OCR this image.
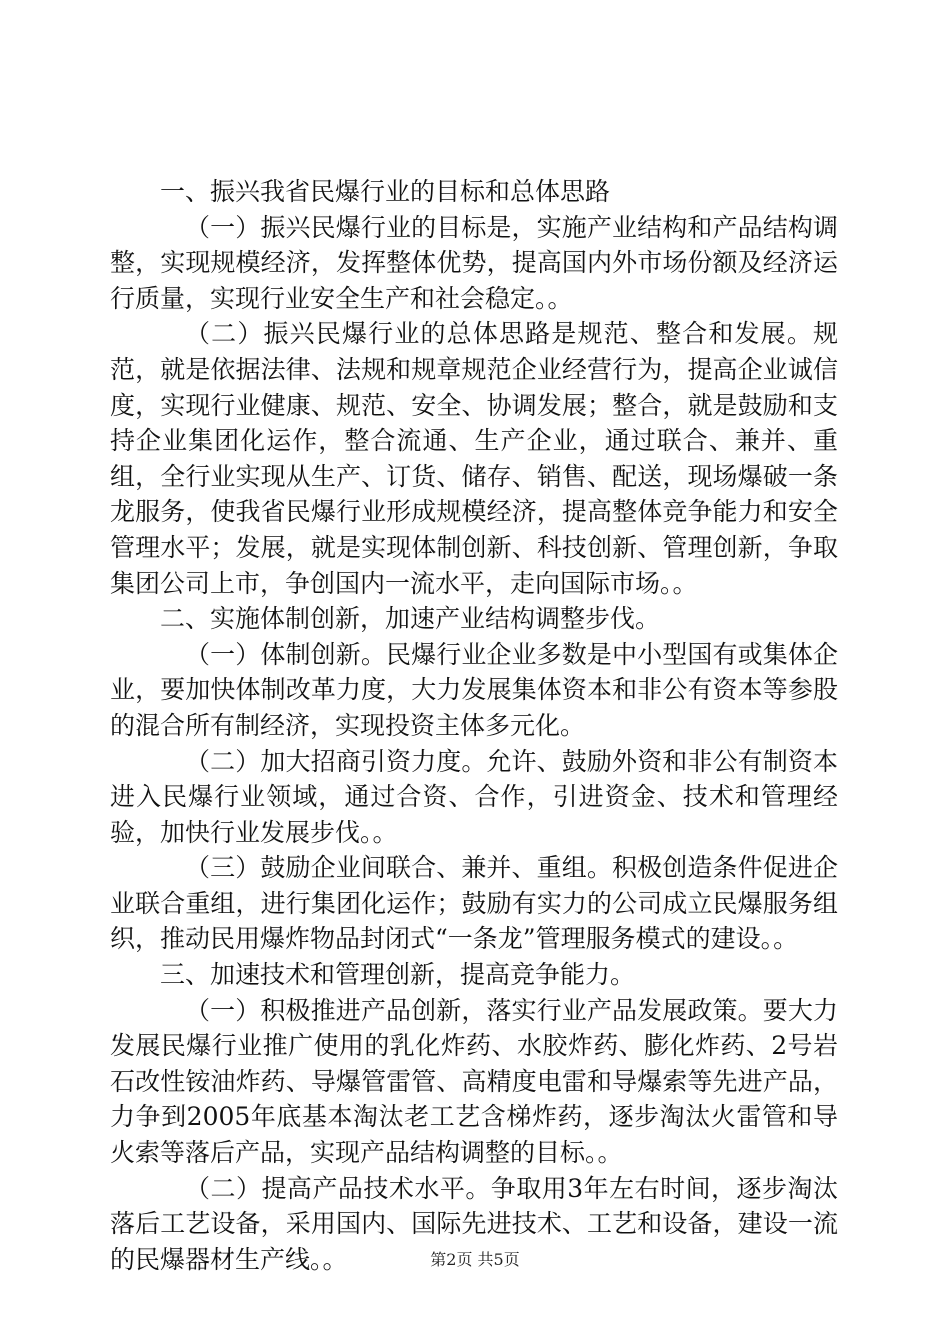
一、振兴我省民爆行业的目标和总体思路

（一）振兴民爆行业的目标是，实施产业结构和产品结构调整，实现规模经济，发挥整体优势，提高国内外市场份额及经济运行质量，实现行业安全生产和社会稳定。。

（二）振兴民爆行业的总体思路是规范、整合和发展。规范，就是依据法律、法规和规章规范企业经营行为，提高企业诚信度，实现行业健康、规范、安全、协调发展；整合，就是鼓励和支持企业集团化运作，整合流通、生产企业，通过联合、兼并、重组，全行业实现从生产、订货、储存、销售、配送，现场爆破一条龙服务，使我省民爆行业形成规模经济，提高整体竞争能力和安全管理水平；发展，就是实现体制创新、科技创新、管理创新，争取集团公司上市，争创国内一流水平，走向国际市场。。

二、实施体制创新，加速产业结构调整步伐。

（一）体制创新。民爆行业企业多数是中小型国有或集体企业，要加快体制改革力度，大力发展集体资本和非公有资本等参股的混合所有制经济，实现投资主体多元化。

（二）加大招商引资力度。允许、鼓励外资和非公有制资本进入民爆行业领域，通过合资、合作，引进资金、技术和管理经验，加快行业发展步伐。。

（三）鼓励企业间联合、兼并、重组。积极创造条件促进企业联合重组，进行集团化运作；鼓励有实力的公司成立民爆服务组织，推动民用爆炸物品封闭式“一条龙”管理服务模式的建设。。

三、加速技术和管理创新，提高竞争能力。

（一）积极推进产品创新，落实行业产品发展政策。要大力发展民爆行业推广使用的乳化炸药、水胶炸药、膨化炸药、2号岩石改性铵油炸药、导爆管雷管、高精度电雷和导爆索等先进产品，力争到2005年底基本淘汰老工艺含梯炸药，逐步淘汰火雷管和导火索等落后产品，实现产品结构调整的目标。。

（二）提高产品技术水平。争取用3年左右时间，逐步淘汰落后工艺设备，采用国内、国际先进技术、工艺和设备，建设一流的民爆器材生产线。。	第2页 共5页
